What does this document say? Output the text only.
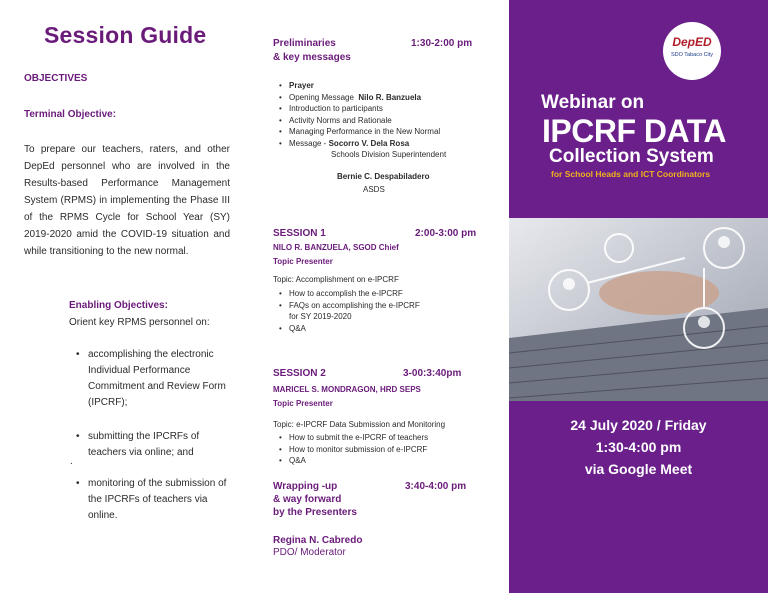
Session Guide
OBJECTIVES
Terminal Objective:
To prepare our teachers, raters, and other DepEd personnel who are involved in the Results-based Performance Management System (RPMS) in implementing the Phase III of the RPMS Cycle for School Year (SY) 2019-2020 amid the COVID-19 situation and while transitioning to the new normal.
Enabling Objectives:
Orient key RPMS personnel on:
• accomplishing the electronic Individual Performance Commitment and Review Form (IPCRF);
• submitting the IPCRFs of teachers via online; and
.
• monitoring of the submission of the IPCRFs of teachers via online.
Preliminaries
& key messages
1:30-2:00 pm
• Prayer
• Opening Message Nilo R. Banzuela
• Introduction to participants
• Activity Norms and Rationale
• Managing Performance in the New Normal
• Message - Socorro V. Dela Rosa
Schools Division Superintendent
Bernie C. Despabiladero
ASDS
SESSION 1	2:00-3:00 pm
NILO R. BANZUELA, SGOD Chief
Topic Presenter
Topic: Accomplishment on e-IPCRF
• How to accomplish the e-IPCRF
• FAQs on accomplishing the e-IPCRF
for SY 2019-2020
• Q&A
SESSION 2	3-00:3:40pm
MARICEL S. MONDRAGON, HRD SEPS
Topic Presenter
Topic: e-IPCRF Data Submission and Monitoring
• How to submit the e-IPCRF of teachers
• How to monitor submission of e-IPCRF
• Q&A
Wrapping -up
& way forward
by the Presenters
3:40-4:00 pm
Regina N. Cabredo
PDO/ Moderator
DepED
SDO Tabaco City
Webinar on
IPCRF DATA
Collection System
for School Heads and ICT Coordinators
24 July 2020 / Friday
1:30-4:00 pm
via Google Meet
